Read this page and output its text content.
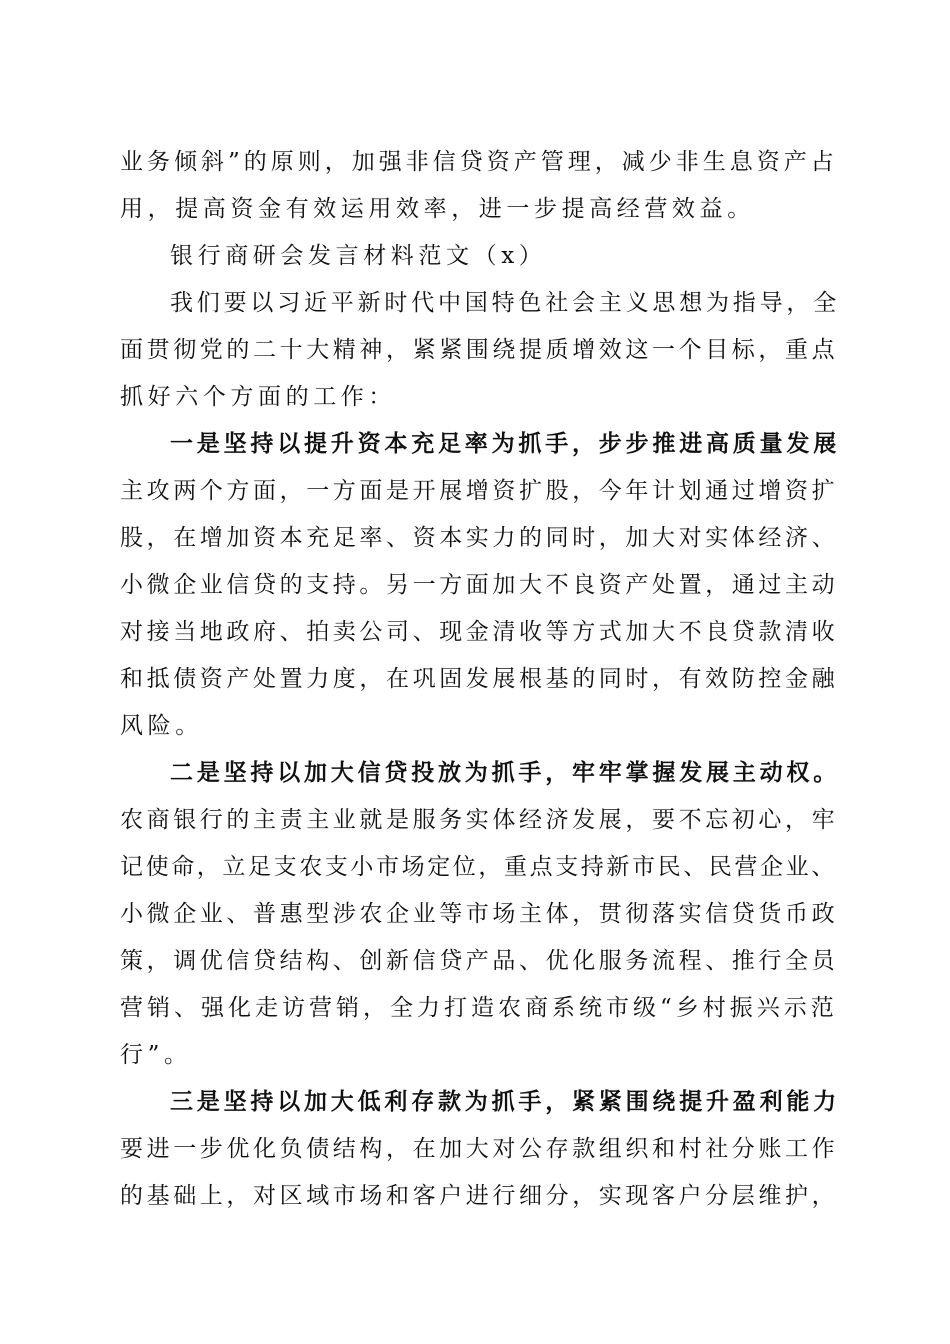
业务倾斜”的原则，加强非信贷资产管理，减少非生息资产占
用，提高资金有效运用效率，进一步提高经营效益。
银行商研会发言材料范文（x）
我们要以习近平新时代中国特色社会主义思想为指导，全
面贯彻党的二十大精神，紧紧围绕提质增效这一个目标，重点
抓好六个方面的工作：
一是坚持以提升资本充足率为抓手，步步推进高质量发展
主攻两个方面，一方面是开展增资扩股，今年计划通过增资扩
股，在增加资本充足率、资本实力的同时，加大对实体经济、
小微企业信贷的支持。另一方面加大不良资产处置，通过主动
对接当地政府、拍卖公司、现金清收等方式加大不良贷款清收
和抵债资产处置力度，在巩固发展根基的同时，有效防控金融
风险。
二是坚持以加大信贷投放为抓手，牢牢掌握发展主动权。
农商银行的主责主业就是服务实体经济发展，要不忘初心，牢
记使命，立足支农支小市场定位，重点支持新市民、民营企业、
小微企业、普惠型涉农企业等市场主体，贯彻落实信贷货币政
策，调优信贷结构、创新信贷产品、优化服务流程、推行全员
营销、强化走访营销，全力打造农商系统市级“乡村振兴示范
行”。
三是坚持以加大低利存款为抓手，紧紧围绕提升盈利能力
要进一步优化负债结构，在加大对公存款组织和村社分账工作
的基础上，对区域市场和客户进行细分，实现客户分层维护，
